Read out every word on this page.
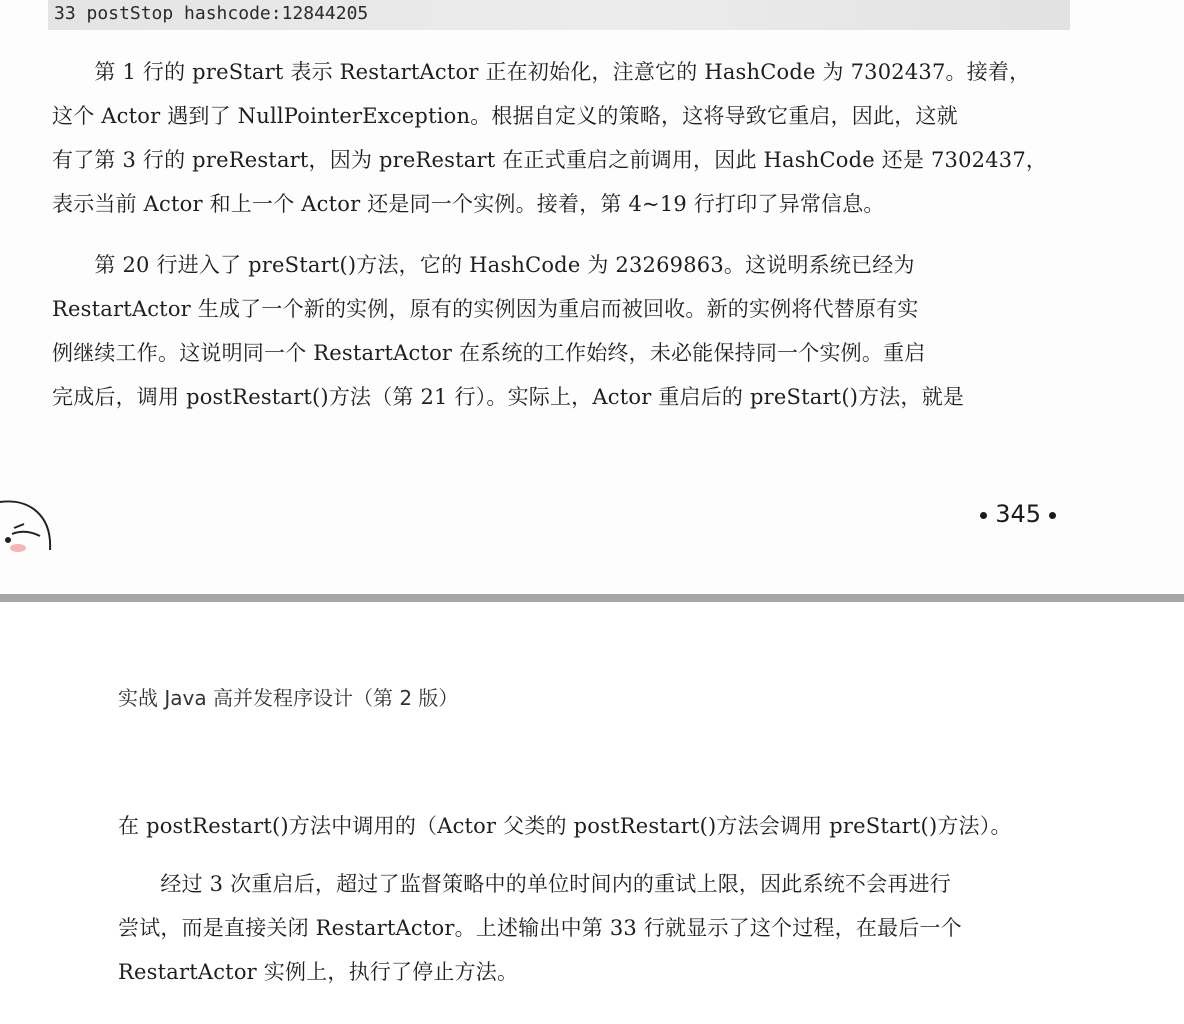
33 postStop hashcode:12844205

　　第 1 行的 preStart 表示 RestartActor 正在初始化，注意它的 HashCode 为 7302437。接着，
这个 Actor 遇到了 NullPointerException。根据自定义的策略，这将导致它重启，因此，这就
有了第 3 行的 preRestart，因为 preRestart 在正式重启之前调用，因此 HashCode 还是 7302437，
表示当前 Actor 和上一个 Actor 还是同一个实例。接着，第 4~19 行打印了异常信息。

　　第 20 行进入了 preStart()方法，它的 HashCode 为 23269863。这说明系统已经为
RestartActor 生成了一个新的实例，原有的实例因为重启而被回收。新的实例将代替原有实
例继续工作。这说明同一个 RestartActor 在系统的工作始终，未必能保持同一个实例。重启
完成后，调用 postRestart()方法（第 21 行）。实际上，Actor 重启后的 preStart()方法，就是

345
实战 Java 高并发程序设计（第 2 版）

在 postRestart()方法中调用的（Actor 父类的 postRestart()方法会调用 preStart()方法）。

　　经过 3 次重启后，超过了监督策略中的单位时间内的重试上限，因此系统不会再进行
尝试，而是直接关闭 RestartActor。上述输出中第 33 行就显示了这个过程，在最后一个
RestartActor 实例上，执行了停止方法。
